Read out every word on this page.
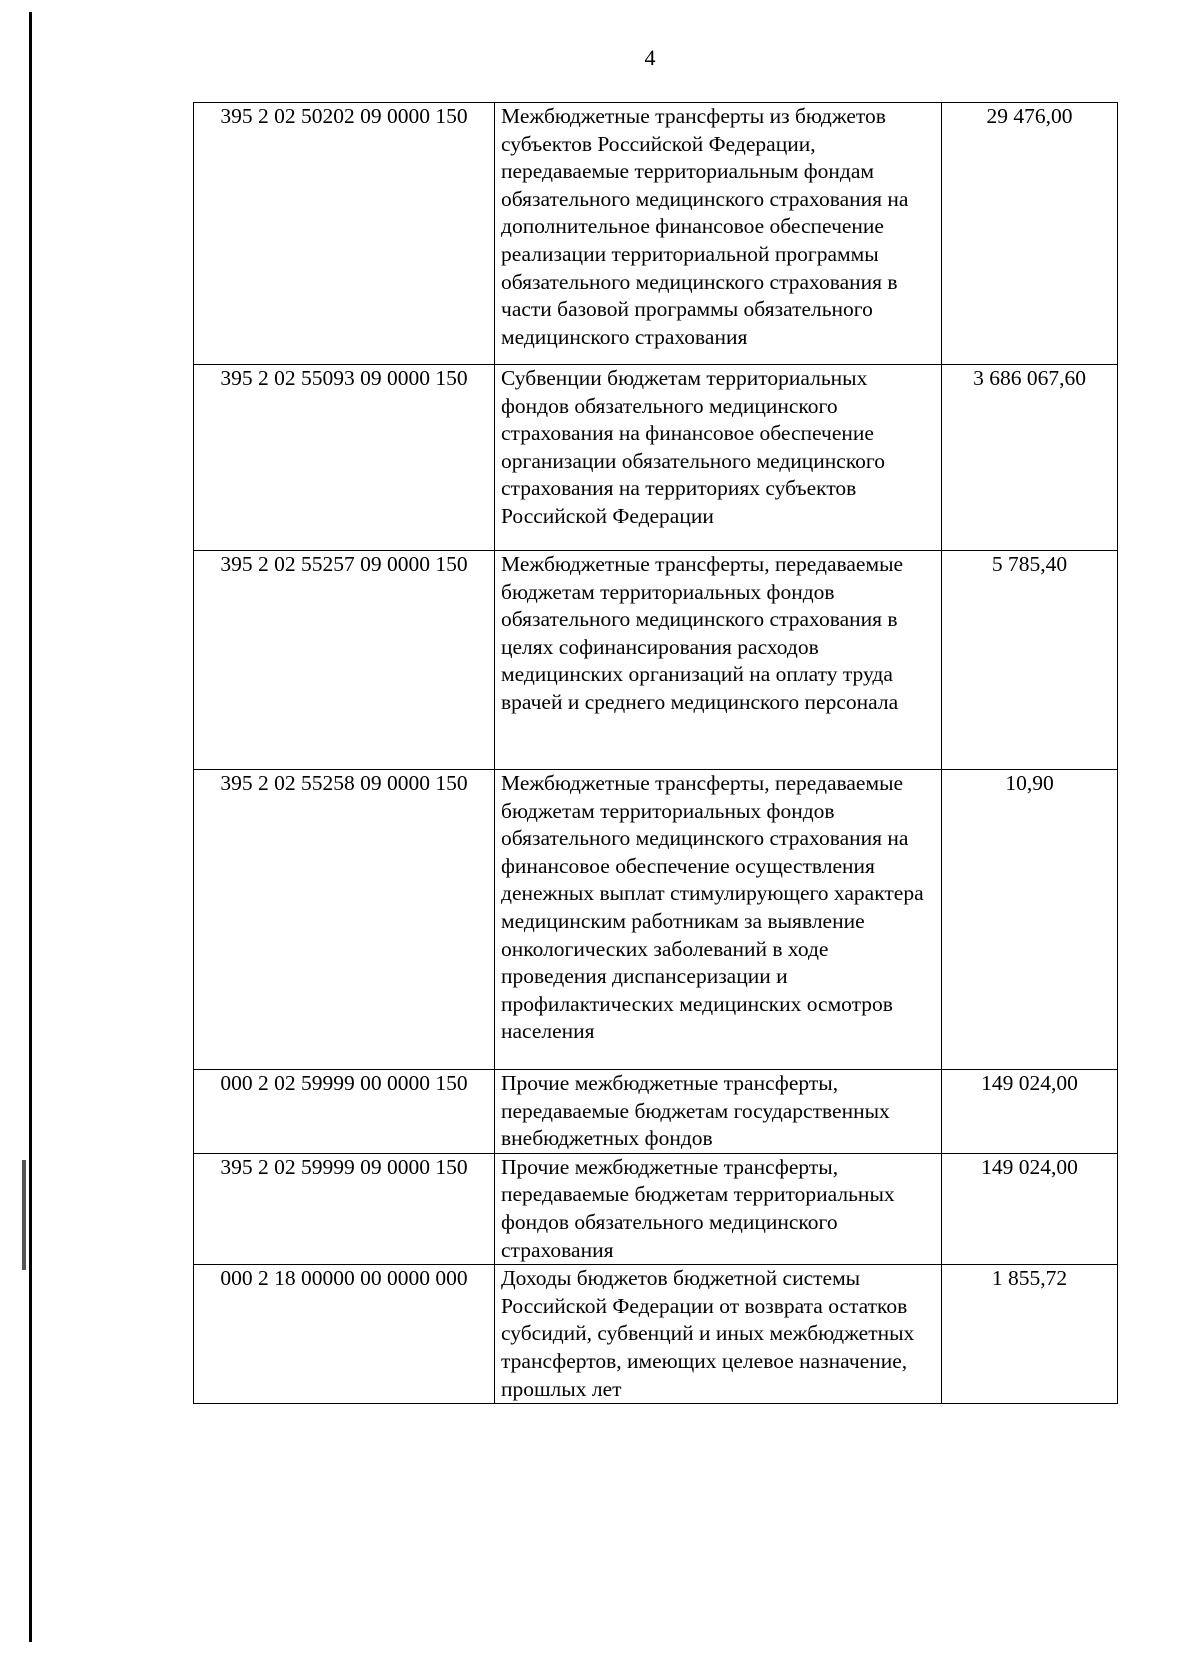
4
395 2 02 50202 09 0000 150	Межбюджетные трансферты из бюджетов субъектов Российской Федерации, передаваемые территориальным фондам обязательного медицинского страхования на дополнительное финансовое обеспечение реализации территориальной программы обязательного медицинского страхования в части базовой программы обязательного медицинского страхования	29 476,00
395 2 02 55093 09 0000 150	Субвенции бюджетам территориальных фондов обязательного медицинского страхования на финансовое обеспечение организации обязательного медицинского страхования на территориях субъектов Российской Федерации	3 686 067,60
395 2 02 55257 09 0000 150	Межбюджетные трансферты, передаваемые бюджетам территориальных фондов обязательного медицинского страхования в целях софинансирования расходов медицинских организаций на оплату труда врачей и среднего медицинского персонала	5 785,40
395 2 02 55258 09 0000 150	Межбюджетные трансферты, передаваемые бюджетам территориальных фондов обязательного медицинского страхования на финансовое обеспечение осуществления денежных выплат стимулирующего характера медицинским работникам за выявление онкологических заболеваний в ходе проведения диспансеризации и профилактических медицинских осмотров населения	10,90
000 2 02 59999 00 0000 150	Прочие межбюджетные трансферты, передаваемые бюджетам государственных внебюджетных фондов	149 024,00
395 2 02 59999 09 0000 150	Прочие межбюджетные трансферты, передаваемые бюджетам территориальных фондов обязательного медицинского страхования	149 024,00
000 2 18 00000 00 0000 000	Доходы бюджетов бюджетной системы Российской Федерации от возврата остатков субсидий, субвенций и иных межбюджетных трансфертов, имеющих целевое назначение, прошлых лет	1 855,72
